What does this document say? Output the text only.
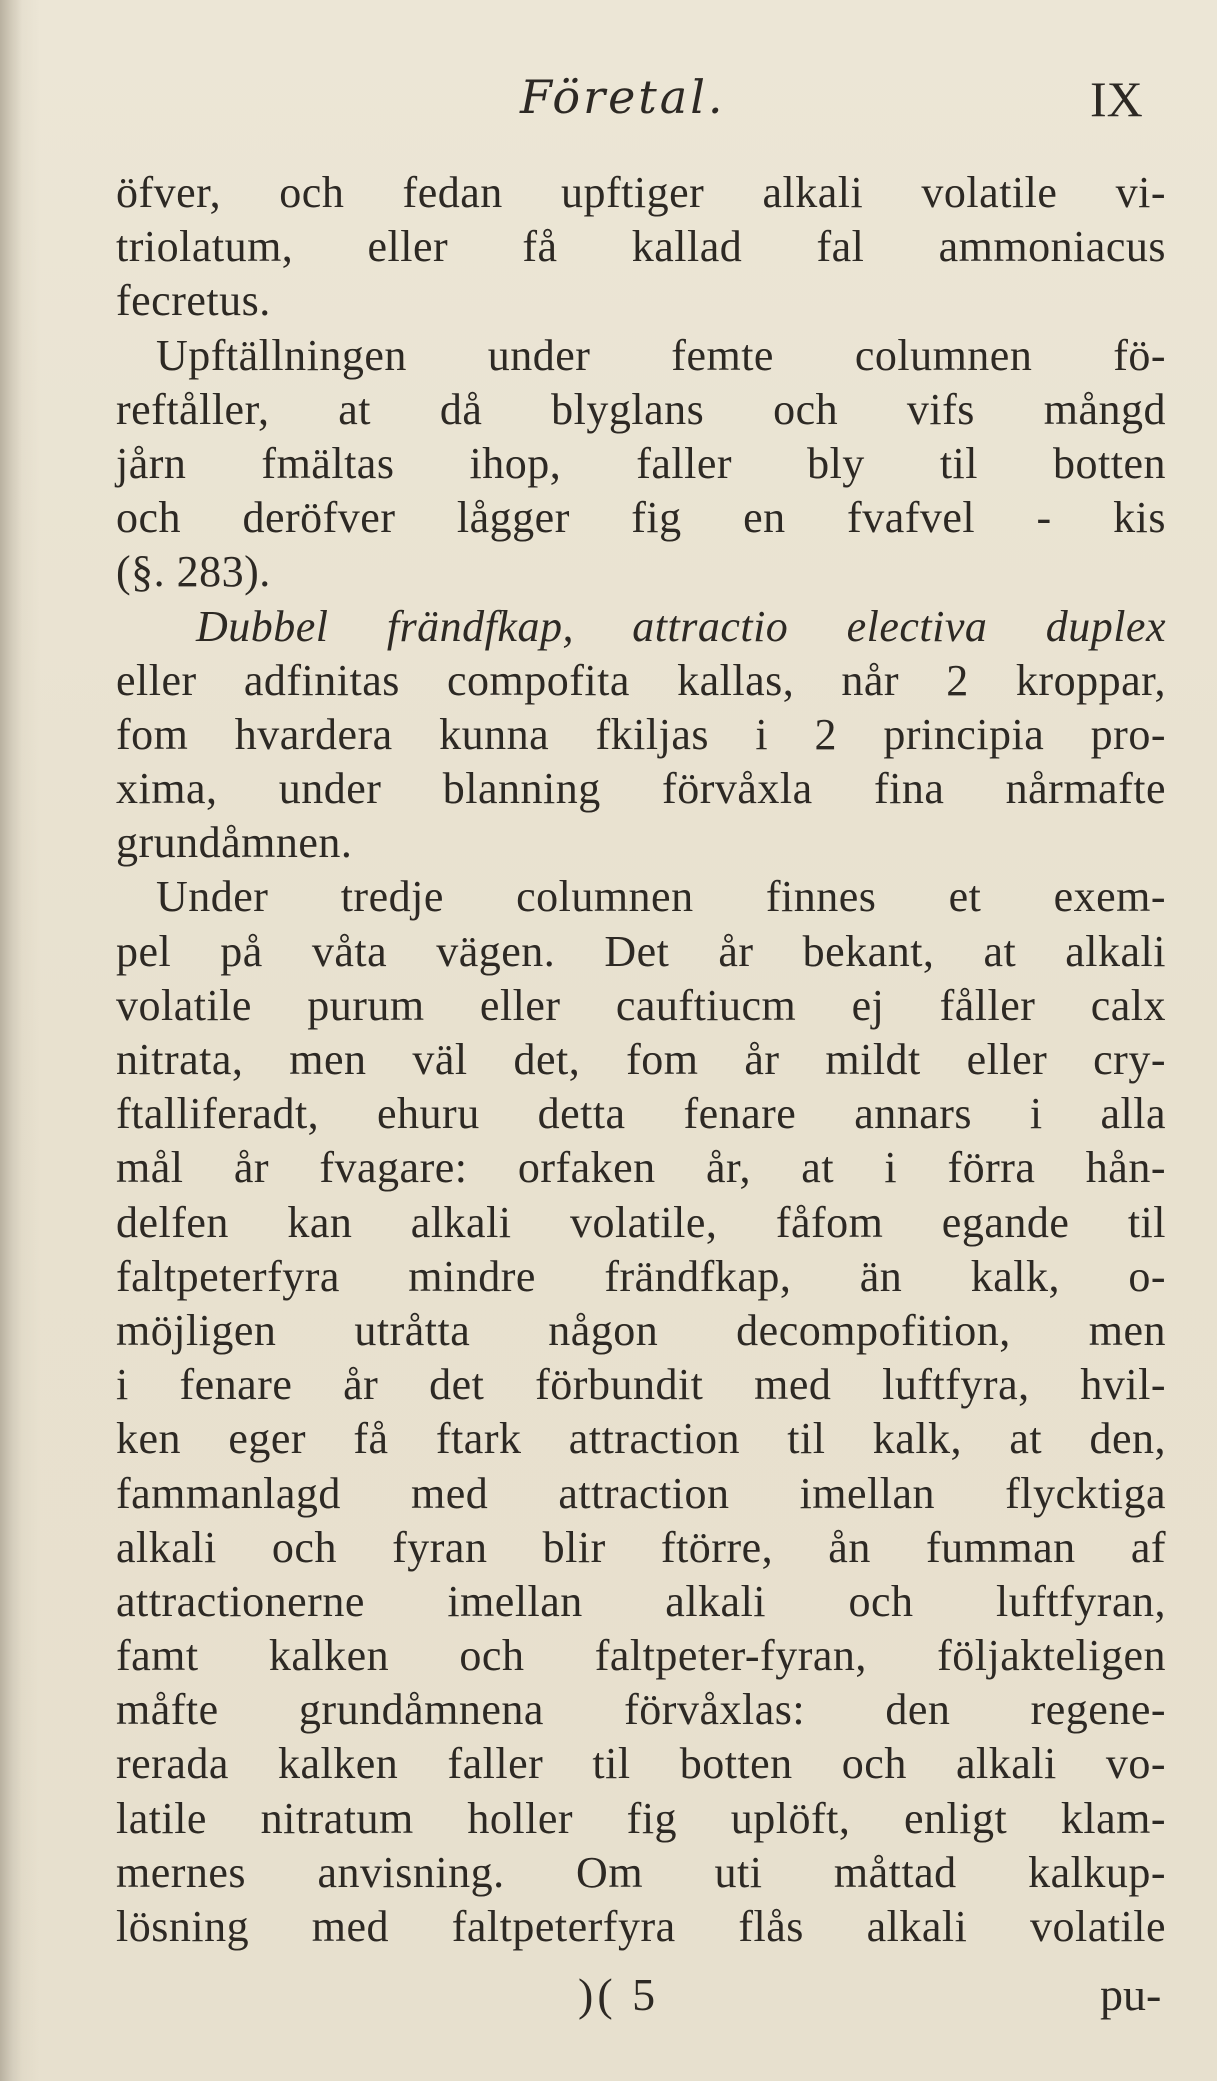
Företal.	IX
öfver, och fedan upftiger alkali volatile vi-
triolatum, eller få kallad fal ammoniacus
fecretus.
Upftällningen under femte columnen fö-
reftåller, at då blyglans och vifs mångd
jårn fmältas ihop, faller bly til botten
och deröfver lågger fig en fvafvel - kis
(§. 283).
Dubbel frändfkap, attractio electiva duplex
eller adfinitas compofita kallas, når 2 kroppar,
fom hvardera kunna fkiljas i 2 principia pro-
xima, under blanning förvåxla fina nårmafte
grundåmnen.
Under tredje columnen finnes et exem-
pel på våta vägen. Det år bekant, at alkali
volatile purum eller cauftiucm ej fåller calx
nitrata, men väl det, fom år mildt eller cry-
ftalliferadt, ehuru detta fenare annars i alla
mål år fvagare: orfaken år, at i förra hån-
delfen kan alkali volatile, fåfom egande til
faltpeterfyra mindre frändfkap, än kalk, o-
möjligen utråtta någon decompofition, men
i fenare år det förbundit med luftfyra, hvil-
ken eger få ftark attraction til kalk, at den,
fammanlagd med attraction imellan flycktiga
alkali och fyran blir ftörre, ån fumman af
attractionerne imellan alkali och luftfyran,
famt kalken och faltpeter-fyran, följakteligen
måfte grundåmnena förvåxlas: den regene-
rerada kalken faller til botten och alkali vo-
latile nitratum holler fig uplöft, enligt klam-
mernes anvisning. Om uti måttad kalkup-
lösning med faltpeterfyra flås alkali volatile
)( 5	pu-
